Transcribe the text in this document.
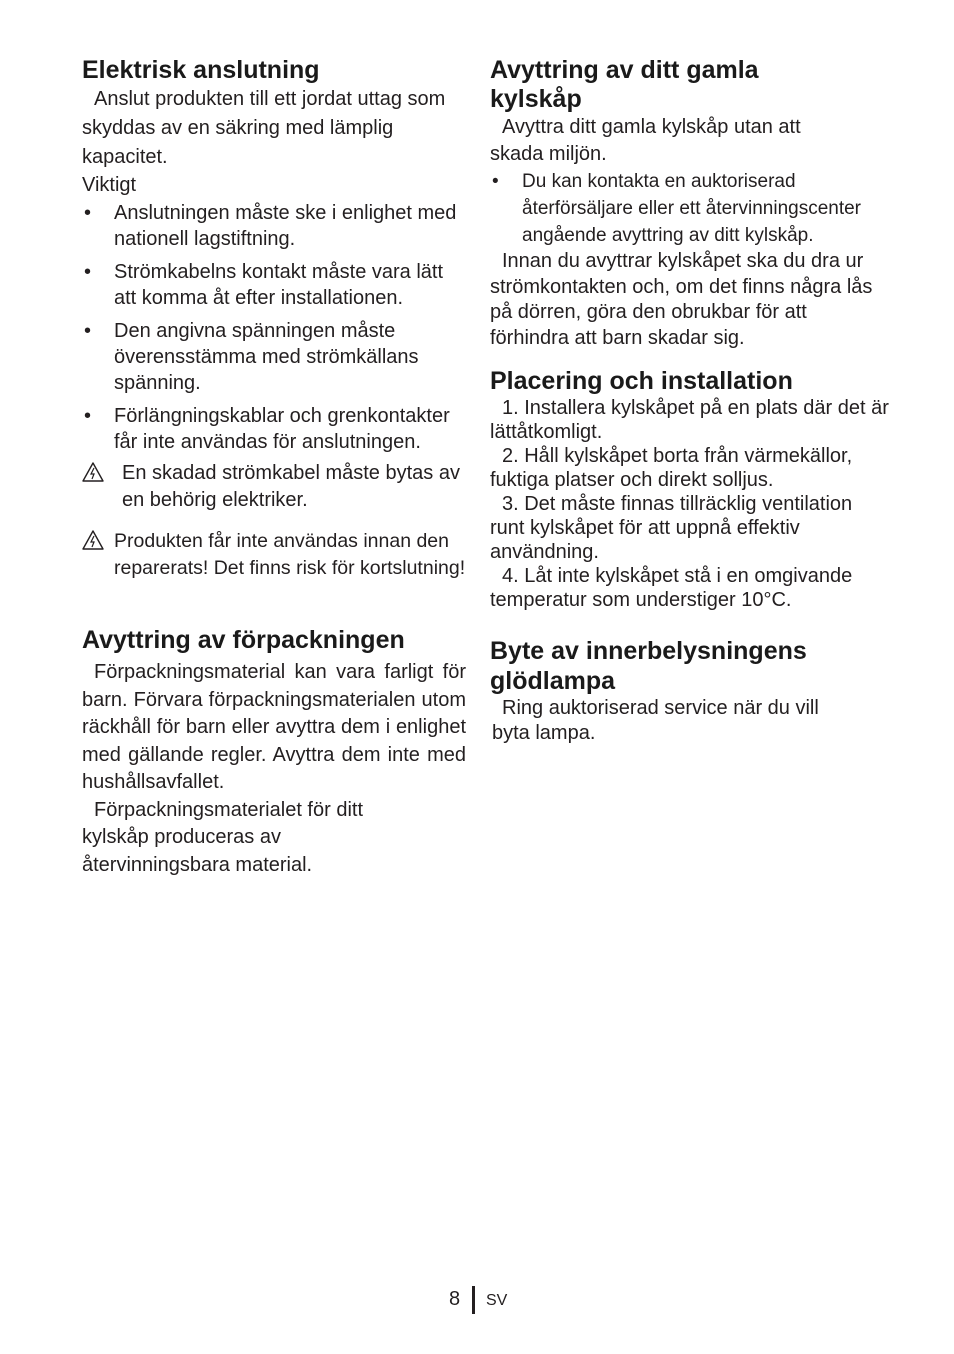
Elektrisk anslutning

Anslut produkten till ett jordat uttag som skyddas av en säkring med lämplig kapacitet.

Viktigt

• Anslutningen måste ske i enlighet med nationell lagstiftning.
• Strömkabelns kontakt måste vara lätt att komma åt efter installationen.
• Den angivna spänningen måste överensstämma med strömkällans spänning.
• Förlängningskablar och grenkontakter får inte användas för anslutningen.
En skadad strömkabel måste bytas av en behörig elektriker.
Produkten får inte användas innan den reparerats! Det finns risk för kortslutning!
Avyttring av förpackningen

Förpackningsmaterial kan vara farligt för barn. Förvara förpackningsmaterialen utom räckhåll för barn eller avyttra dem i enlighet med gällande regler. Avyttra dem inte med hushållsavfallet.

Förpackningsmaterialet för ditt kylskåp produceras av återvinningsbara material.

Avyttring av ditt gamla kylskåp

Avyttra ditt gamla kylskåp utan att skada miljön.

• Du kan kontakta en auktoriserad återförsäljare eller ett återvinningscenter angående avyttring av ditt kylskåp.

Innan du avyttrar kylskåpet ska du dra ur strömkontakten och, om det finns några lås på dörren, göra den obrukbar för att förhindra att barn skadar sig.

Placering och installation

1. Installera kylskåpet på en plats där det är lättåtkomligt.

2. Håll kylskåpet borta från värmekällor, fuktiga platser och direkt solljus.

3. Det måste finnas tillräcklig ventilation runt kylskåpet för att uppnå effektiv användning.

4. Låt inte kylskåpet stå i en omgivande temperatur som understiger 10°C.

Byte av innerbelysningens glödlampa

Ring auktoriserad service när du vill byta lampa.

8 SV
